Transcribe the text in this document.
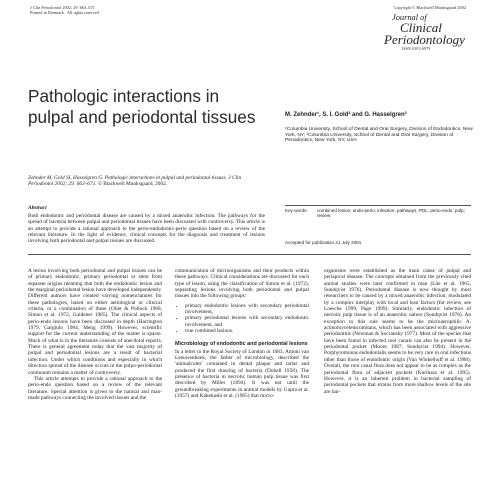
J Clin Periodontol 2002; 29: 663–671
Printed in Denmark . All rights reserved
Copyright © Blackwell Munksgaard 2002
Journal of
Clinical
Periodontology
ISSN 0303-6979
Pathologic interactions in pulpal and periodontal tissues	M. Zehnder¹, S. I. Gold² and G. Hasselgren³
¹Columbia University, School of Dental and Oral Surgery, Division of Endodontics, New York, NY; ²Columbia University, School of Dental and Oral Surgery, Division of Periodontics, New York, NY, USA
Zehnder M, Gold SI, Hasselgren G. Pathologic interactions in pulpal and periodontal tissues. J Clin Periodontol 2002; 29: 663–671. © Blackwell Munksgaard, 2002.
Abstract
Both endodontic and periodontal disease are caused by a mixed anaerobic infection. The pathways for the spread of bacteria between pulpal and periodontal tissues have been discussed with controversy. This article is an attempt to provide a rational approach to the perio-endodontic-perio question based on a review of the relevant literature. In the light of evidence, clinical concepts for the diagnosis and treatment of lesions involving both periodontal and pulpal tissues are discussed.
Key words:	combined lesion; endo-perio; infection; pathways; PDL; perio-endo; pulp; review
Accepted for publication 21 July 2001

A lesion involving both periodontal and pulpal tissues can be of primary endodontic, primary periodontal or stem from separate origins meaning that both the endodontic lesion and the marginal periodontal lesion have developed independently. Different authors have created varying nomenclatures for these pathologies, based on either aetiological or clinical criteria, or a combination of these (Oliet & Pollock 1968, Simon et al. 1972, Guldener 1985). The clinical aspects of perio-endo lesions have been discussed in depth (Harrington 1979, Gargiulo 1984, Meng 1999). However, scientific support for the current understanding of the matter is sparse. Much of what is in the literature consists of anecdotal reports. There is general agreement today that the vast majority of pulpal and periodontal lesions are a result of bacterial infection. Under which conditions and especially in which direction spread of the disease occurs in the pulpo-periodontal continuum remains a matter of controversy.

This article attempts to provide a rational approach to the perio-endo question based on a review of the relevant literature. Special attention is given to the natural and man-made pathways connecting the involved tissues and the

communication of microorganisms and their products within these pathways. Clinical considerations are discussed for each type of lesion, using the classification of Simon et al. (1972), separating lesions involving both periodontal and pulpal tissues into the following groups:

• primary endodontic lesions with secondary periodontal involvement,
• primary periodontal lesions with secondary endodontic involvement, and
• true combined lesions.
Microbiology of endodontic and periodontal lesions

In a letter to the Royal Society of London in 1683, Antoni van Leeuwenhoek, the father of microbiology, described the 'animalcules' contained in dental plaque and tartar and produced the first drawing of bacteria (Dobell 1958). The presence of bacteria in necrotic human pulp tissue was first described by Miller (1894). It was not until the groundbreaking experiments in animal models by Gupta et al. (1957) and Kakehashi et al. (1965) that micro-

organisms were established as the main cause of pulpal and periapical disease. The concepts obtained from the previously cited animal studies were later confirmed in man (Löe et al. 1965, Sundqvist 1976). Periodontal disease is now thought by most researchers to be caused by a mixed anaerobic infection, modulated by a complex interplay with local and host factors (for review, see Loesche 1999, Page 1999). Similarly, endodontic infection of necrotic pulp tissue is of an anaerobic nature (Sundqvist 1976). An exception to this rule seems to be the microaerophilic A. actinomycetemcomitans, which has been associated with aggressive periodontitis (Newman & Socransky 1977). Most of the species that have been found in infected root canals can also be present in the periodontal pocket (Moore 1987, Sundqvist 1994). However, Porphyromonas endodontalis seems to be very rare in oral infections other than those of endodontic origin (Van Winkelhoff et al. 1988). Overall, the root canal flora does not appear to be as complex as the periodontal flora of adjacent pockets (Kurihara et al. 1995). However, it is an inherent problem in bacterial sampling of periodontal pockets that strains from more shallow levels of the site are har-
